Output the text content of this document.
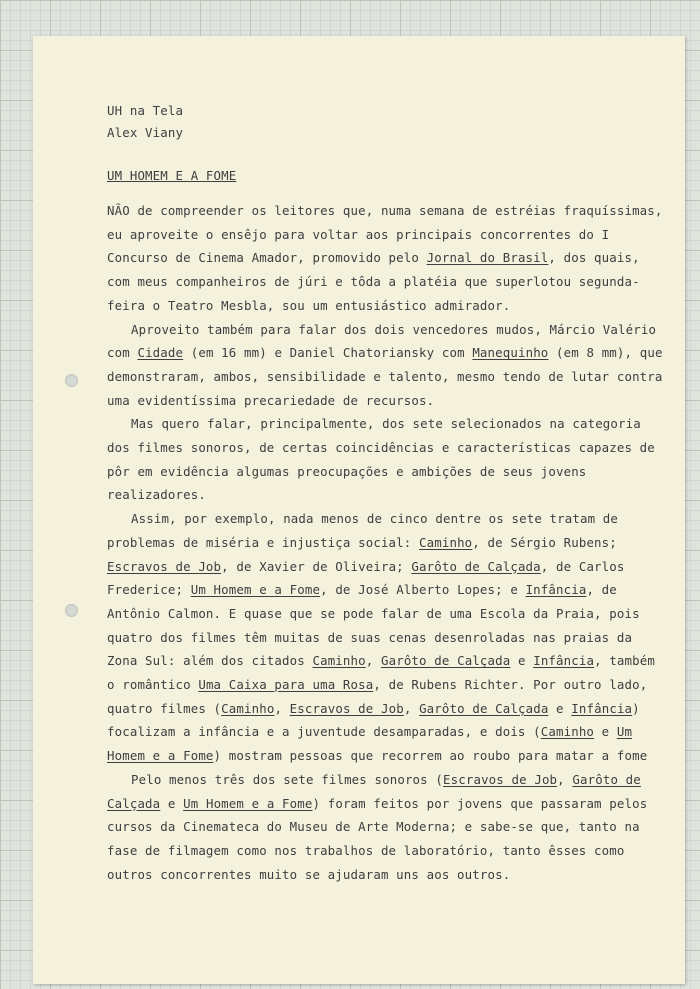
UH na Tela

Alex Viany

UM HOMEM E A FOME

NÃO de compreender os leitores que, numa semana de estréias fraquíssimas, eu aproveite o ensêjo para voltar aos principais concorrentes do I Concurso de Cinema Amador, promovido pelo Jornal do Brasil, dos quais, com meus companheiros de júri e tôda a platéia que superlotou segunda-feira o Teatro Mesbla, sou um entusiástico admirador.

Aproveito também para falar dos dois vencedores mudos, Márcio Valério com Cidade (em 16 mm) e Daniel Chatoriansky com Manequinho (em 8 mm), que demonstraram, ambos, sensibilidade e talento, mesmo tendo de lutar contra uma evidentíssima precariedade de recursos.

Mas quero falar, principalmente, dos sete selecionados na categoria dos filmes sonoros, de certas coincidências e características capazes de pôr em evidência algumas preocupações e ambições de seus jovens realizadores.

Assim, por exemplo, nada menos de cinco dentre os sete tratam de problemas de miséria e injustiça social: Caminho, de Sérgio Rubens; Escravos de Job, de Xavier de Oliveira; Garôto de Calçada, de Carlos Frederice; Um Homem e a Fome, de José Alberto Lopes; e Infância, de Antônio Calmon. E quase que se pode falar de uma Escola da Praia, pois quatro dos filmes têm muitas de suas cenas desenroladas nas praias da Zona Sul: além dos citados Caminho, Garôto de Calçada e Infância, também o romântico Uma Caixa para uma Rosa, de Rubens Richter. Por outro lado, quatro filmes (Caminho, Escravos de Job, Garôto de Calçada e Infância) focalizam a infância e a juventude desamparadas, e dois (Caminho e Um Homem e a Fome) mostram pessoas que recorrem ao roubo para matar a fome

Pelo menos três dos sete filmes sonoros (Escravos de Job, Garôto de Calçada e Um Homem e a Fome) foram feitos por jovens que passaram pelos cursos da Cinemateca do Museu de Arte Moderna; e sabe-se que, tanto na fase de filmagem como nos trabalhos de laboratório, tanto êsses como outros concorrentes muito se ajudaram uns aos outros.
